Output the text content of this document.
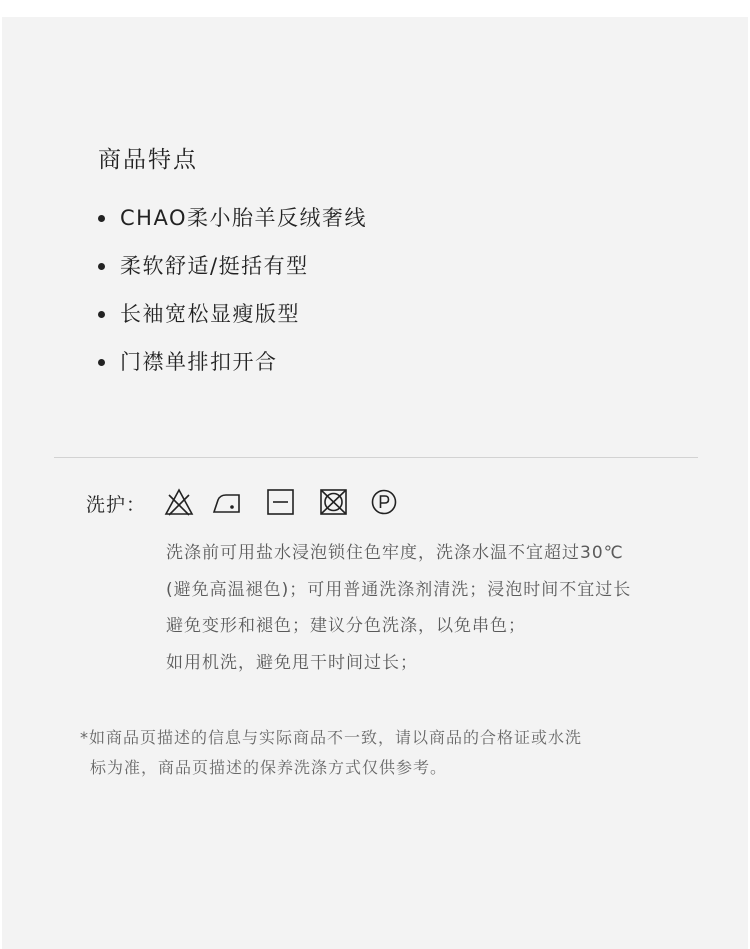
商品特点
CHAO柔小胎羊反绒奢线
柔软舒适/挺括有型
长袖宽松显瘦版型
门襟单排扣开合
洗护：
洗涤前可用盐水浸泡锁住色牢度，洗涤水温不宜超过30℃
(避免高温褪色)；可用普通洗涤剂清洗；浸泡时间不宜过长
避免变形和褪色；建议分色洗涤，以免串色；
如用机洗，避免甩干时间过长；
*如商品页描述的信息与实际商品不一致，请以商品的合格证或水洗
标为准，商品页描述的保养洗涤方式仅供参考。
